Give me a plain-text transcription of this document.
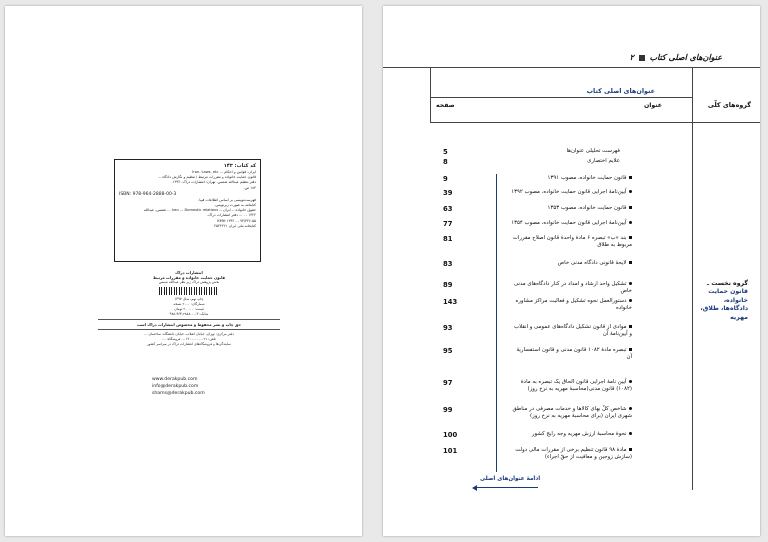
کد کتاب: ۱۴۳
ایران. قوانین و احکام ... Iran. Laws, etc
قانون حمایت خانواده و مقررات مرتبط / تنظیم و نگارش دادگاه ...
دفتر تنظیم عبدالله شمس. تهران: انتشارات دراک، ۱۳۹۲.
۱۸۴ ص.
ISBN: 978-964-2888-00-3
فهرست‌نویسی بر اساس اطلاعات فیپا.
کتابنامه به صورت زیرنویس.
حقوق خانواده -- ایران -- Iran ... Domestic relations ... شمس، عبدالله
۱۳۲۲ - . ... دفتر انتشارات دراک.
KMH ۱۳۹۲ ... ۹۳/۳۴۶-۵۵
کتابخانه ملی ایران ۲۵۴۴۲۶۱
انتشارات دراک
قانون حمایت خانواده و مقررات مرتبط
بخش پژوهش دراک زیر نظر عبدالله شمس
چاپ نهم، سال ۱۳۹۷
شمارگان: ۲۰۰۰ نسخه
قیمت: ۰۰۰ ۲۰ تومان
شابک: ۳-۰۰-۲۸۸۸-۹۶۴-۹۷۸
حق چاپ و نشر محفوظ و مخصوص انتشارات دراک است
دفتر مرکزی: تهران، خیابان انقلاب، خیابان دانشگاه، ساختمان ...
تلفن: ۰۲۱-۶۶۰۰۰۰۰۰ ... فروشگاه: ...
نمایندگی‌ها و فروشگاه‌های انتشارات دراک در سراسر کشور
www.derakpub.com
info@derakpub.com
shams@derakpub.com
عنوان‌های اصلی کتاب  ۲
عنوان‌های اصلی کتاب
گروه‌های کلّی
عنوان
صفحه
گروه نخست ـ
قانون حمایت
خانواده،
دادگاه‌ها، طلاق،
مهریه
فهرست تحلیلی عنوان‌ها
5
علایم اختصاری
8
قانون حمایت خانواده، مصوب ۱۳۹۱
9
آیین‌نامۀ اجرایی قانون حمایت خانواده، مصوب ۱۳۹۲
39
قانون حمایت خانواده، مصوب ۱۳۵۳
63
آیین‌نامۀ اجرایی قانون حمایت خانواده، مصوب ۱۳۵۴
77
بند «ب» تبصره ۶ مادۀ واحدۀ قانون اصلاح مقررات مربوط به طلاق
81
لایحۀ قانونی دادگاه مدنی خاص
83
تشکیل واحد ارشاد و امداد در کنار دادگاه‌های مدنی خاص
89
دستورالعمل نحوه تشکیل و فعالیت مراکز مشاوره خانواده
143
موادی از قانون تشکیل دادگاه‌های عمومی و انقلاب و آیین‌نامۀ آن
93
تبصره مادۀ ۱۰۸۲ قانون مدنی و قانون استفساریۀ آن
95
آیین نامۀ اجرایی قانون الحاق یک تبصره به مادۀ (۱۰۸۲) قانون مدنی(محاسبۀ مهریه به نرخ روز)
97
شاخص کلّ بهای کالاها و خدمات مصرفی در مناطق شهری ایران (برای محاسبۀ مهریه به نرخ روز)
99
نحوۀ محاسبۀ ارزش مهریه وجه رایج کشور
100
مادۀ ۹۸ قانون تنظیم برخی از مقررات مالی دولت (سازش زوجین و معافیت از حقّ اجراء)
101
ادامۀ عنوان‌های اصلی
